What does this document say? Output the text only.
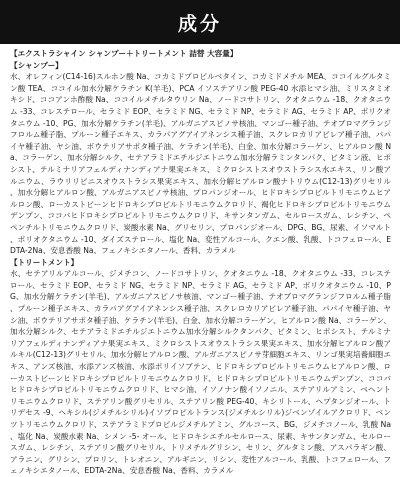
成分

【エクストラシャイン シャンプー＋トリートメント 詰替 大容量】

【シャンプー】

水、オレフィン(C14-16)スルホン酸 Na、コカミドプロピルベタイン、コカミドメチル MEA、ココイルグルタミン酸 TEA、ココイル加水分解ケラチン K(羊毛)、PCA イソステアリン酸 PEG-40 水添ヒマシ油、ミリスタミオキシド、ココアンホ酢酸 Na、ココイルメチルタウリン Na、ノードコサトリン、クオタニウム -18、クオタニウム -33、コレステロール、セラミド EOP、セラミド NG、セラミド NP、セラミド AG、セラミド AP、ポリクオタニウム -10、PG、加水分解ケラチン(羊毛)、アルガニアスピノサ核油、マンゴー種子油、テオブロマグランジフロルム種子脂、プルーン種子エキス、カラパアグアイアネンシス種子油、スクレロカリアビレア種子油、パパイヤ種子油、ヤシ油、ボウテリアサポタ種子油、ケラチン(羊毛)、白金、加水分解コラーゲン、ヒアルロン酸 Na、コラーゲン、加水分解シルク、セテアラミドエチルジエトニウム加水分解ラミンタンパク、ビタミン液、ヒポシスト、テルミナリアフェルディナンディアナ果実エキス、ミクロシストスオウストラシス水エキス、リン酸アルニウム、ラウリリビニスオウストラシス果実エキス、加水分解ヒアルロン酸ナトリウム(C12-13)グリセリル、加水分解ヒアルロン酸、アルガニアスピノサ核油、プロパンジオール、ヒドロキシプロピルトリモニウムヒアルロン酸、ローカストビーンヒドロキシプロピルトリモニウムクロリド、褐化ヒドロキシプロピルトリモニウムデンプン、ココバヒドロキシプロピルトリモニウムクロリド、キサンタンガム、セルロースガム、レシチン、ペペンチルトリモニウムクロリド、炭酸水素 Na、グリセリン、プロパンジオール、DPG、BG、尿素、イソマルト、ポリオクタニウム -10、ダイズステロール、塩化 Na、変性アルコール、クエン酸、乳酸、トコフェロール、EDTA-2Na、安息香酸 Na、フェノキシエタノール、香料、カラメル

【トリートメント】

水、セテアリルアルコール、ジメチコン、ノードコサトリン、クオタニウム -18、クオタニウム -33、コレステロール、セラミド EOP、セラミド NG、セラミド NP、セラミド AG、セラミド AP、ポリクオタニウム -10、PG、加水分解ケラチン(羊毛)、アルガニアスピノサ核油、マンゴー種子油、テオブロマグランジフロルム種子脂、プルーン種子エキス、カラパアグアイアネンシス種子油、スクレロカリアビレア種子油、パパイヤ種子油、ヤシ油、ボウテリアサポタ種子油、ケラチン(羊毛)、白金、加水分解コラーゲン、ヒアルロン酸 Na、コラーゲン、加水分解シルク、セテアラミドエチルジエトニウム加水分解シルクタンパク、ビタミン、ヒポシスト、テルミナリアフェルディナンディアナ果実エキス、ミクロシストスオウストラシス果実エキス、加水分解ヒアルロン酸アルキル(C12-13)グリセリル、加水分解ヒアルロン酸、アルガニアスピノサ芽細胞エキス、リンゴ果実培養細胞エキス、アンズ核油、水添アンズ核油、水添ポリイソブテン、ヒドロキシプロピルトリモニウムヒアルロン酸、ローカストビーンヒドロキシプロピルトリモニウムクロリド、ヒドロキシプロピルトリモニウムデンプン、ココバヒドロキシプロピルトリモニウムクロリド、ヒマシ油、イソノナン酸イソノニル、ステアリルアミン、ベヘントリモニウムクロリド、ステアリン酸グリセリル、ステアリン酸 PEG-40、キシリトール、ヘプタンジオール、トリデセス -9、ヘキシル(ジメチルシリル)イソプロピルトランス(ジメチルシリル)ジベンゾイルアクロリド、ベンツトリモニウムクロリド、ステアラミドプロピルジメチルアミン、グルコース、BG、ジメチコノール、乳酸 Na、塩化 Na、炭酸水素 Na、シメン -5- オール、ヒドロキシエチルセルロース、尿素、キサンタンガム、セルロースガム、レシチン、ステアリン酸グリセリル、トリメチルグリシン、セリン、グルタミン酸、アスパラギン酸、アラニン、グリシン、プロリン、トレオニン、アルギニン、リシン、変性アルコール、乳酸、トコフェロール、フェノキシエタノール、EDTA-2Na、安息香酸 Na、香料、カラメル
